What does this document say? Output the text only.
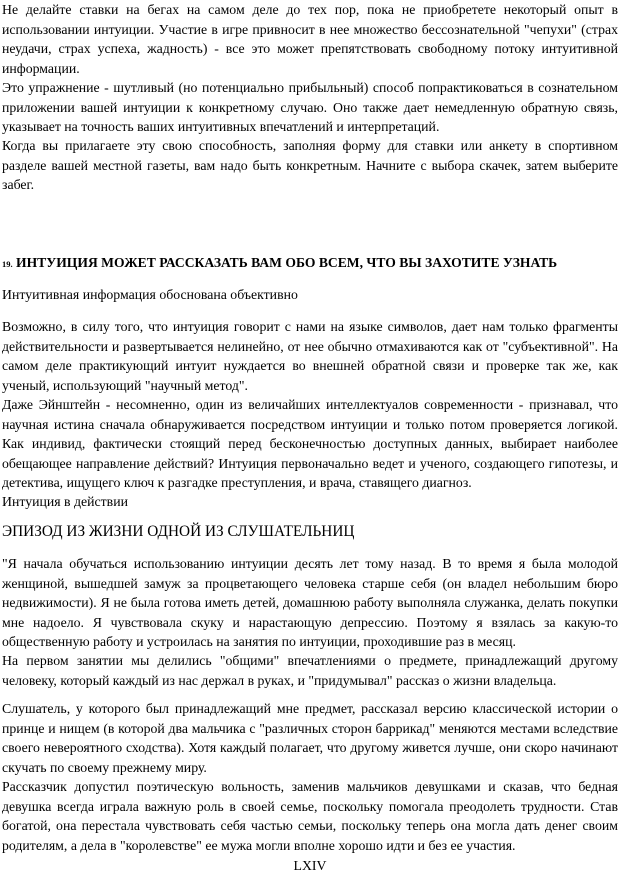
Не делайте ставки на бегах на самом деле до тех пор, пока не приобретете некоторый опыт в использовании интуиции. Участие в игре привносит в нее множество бессознательной "чепухи" (страх неудачи, страх успеха, жадность) - все это может препятствовать свободному потоку интуитивной информации.

Это упражнение - шутливый (но потенциально прибыльный) способ попрактиковаться в сознательном приложении вашей интуиции к конкретному случаю. Оно также дает немедленную обратную связь, указывает на точность ваших интуитивных впечатлений и интерпретаций.

Когда вы прилагаете эту свою способность, заполняя форму для ставки или анкету в спортивном разделе вашей местной газеты, вам надо быть конкретным. Начните с выбора скачек, затем выберите забег.

19. ИНТУИЦИЯ МОЖЕТ РАССКАЗАТЬ ВАМ ОБО ВСЕМ, ЧТО ВЫ ЗАХОТИТЕ УЗНАТЬ
Интуитивная информация обоснована объективно

Возможно, в силу того, что интуиция говорит с нами на языке символов, дает нам только фрагменты действительности и развертывается нелинейно, от нее обычно отмахиваются как от "субъективной". На самом деле практикующий интуит нуждается во внешней обратной связи и проверке так же, как ученый, использующий "научный метод".

Даже Эйнштейн - несомненно, один из величайших интеллектуалов современности - признавал, что научная истина сначала обнаруживается посредством интуиции и только потом проверяется логикой. Как индивид, фактически стоящий перед бесконечностью доступных данных, выбирает наиболее обещающее направление действий? Интуиция первоначально ведет и ученого, создающего гипотезы, и детектива, ищущего ключ к разгадке преступления, и врача, ставящего диагноз.

Интуиция в действии
ЭПИЗОД ИЗ ЖИЗНИ ОДНОЙ ИЗ СЛУШАТЕЛЬНИЦ

"Я начала обучаться использованию интуиции десять лет тому назад. В то время я была молодой женщиной, вышедшей замуж за процветающего человека старше себя (он владел небольшим бюро недвижимости). Я не была готова иметь детей, домашнюю работу выполняла служанка, делать покупки мне надоело. Я чувствовала скуку и нарастающую депрессию. Поэтому я взялась за какую-то общественную работу и устроилась на занятия по интуиции, проходившие раз в месяц.

На первом занятии мы делились "общими" впечатлениями о предмете, принадлежащий другому человеку, который каждый из нас держал в руках, и "придумывал" рассказ о жизни владельца.

Слушатель, у которого был принадлежащий мне предмет, рассказал версию классической истории о принце и нищем (в которой два мальчика с "различных сторон баррикад" меняются местами вследствие своего невероятного сходства). Хотя каждый полагает, что другому живется лучше, они скоро начинают скучать по своему прежнему миру.

Рассказчик допустил поэтическую вольность, заменив мальчиков девушками и сказав, что бедная девушка всегда играла важную роль в своей семье, поскольку помогала преодолеть трудности. Став богатой, она перестала чувствовать себя частью семьи, поскольку теперь она могла дать денег своим родителям, а дела в "королевстве" ее мужа могли вполне хорошо идти и без ее участия.

LXIV
